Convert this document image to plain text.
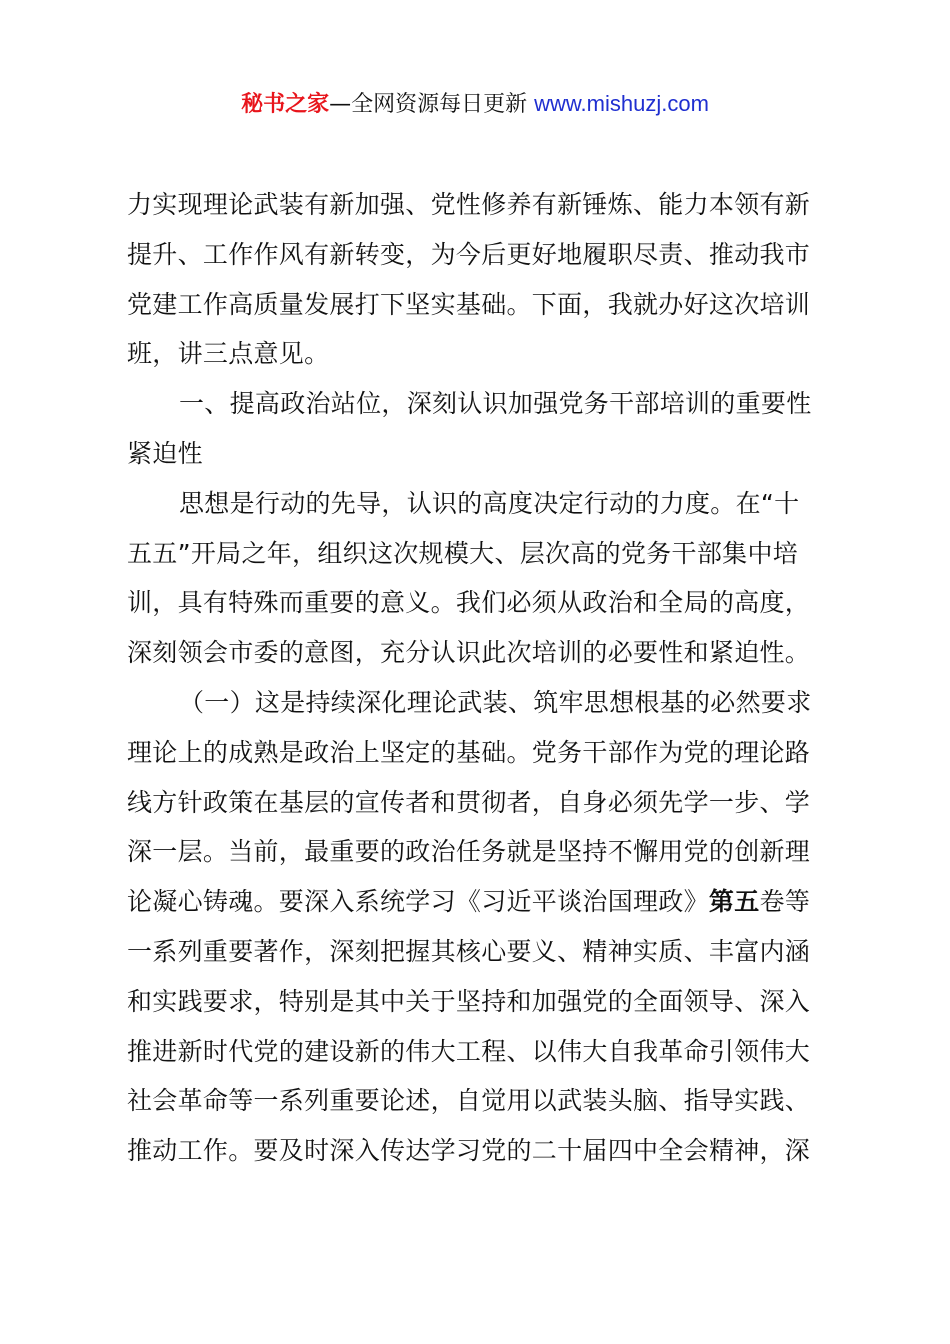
秘书之家—全网资源每日更新 www.mishuzj.com
力实现理论武装有新加强、党性修养有新锤炼、能力本领有新
提升、工作作风有新转变，为今后更好地履职尽责、推动我市
党建工作高质量发展打下坚实基础。下面，我就办好这次培训
班，讲三点意见。
一、提高政治站位，深刻认识加强党务干部培训的重要性
紧迫性
思想是行动的先导，认识的高度决定行动的力度。在“十
五五”开局之年，组织这次规模大、层次高的党务干部集中培
训，具有特殊而重要的意义。我们必须从政治和全局的高度，
深刻领会市委的意图，充分认识此次培训的必要性和紧迫性。
（一）这是持续深化理论武装、筑牢思想根基的必然要求
理论上的成熟是政治上坚定的基础。党务干部作为党的理论路
线方针政策在基层的宣传者和贯彻者，自身必须先学一步、学
深一层。当前，最重要的政治任务就是坚持不懈用党的创新理
论凝心铸魂。要深入系统学习《习近平谈治国理政》第五卷等
一系列重要著作，深刻把握其核心要义、精神实质、丰富内涵
和实践要求，特别是其中关于坚持和加强党的全面领导、深入
推进新时代党的建设新的伟大工程、以伟大自我革命引领伟大
社会革命等一系列重要论述，自觉用以武装头脑、指导实践、
推动工作。要及时深入传达学习党的二十届四中全会精神，深
